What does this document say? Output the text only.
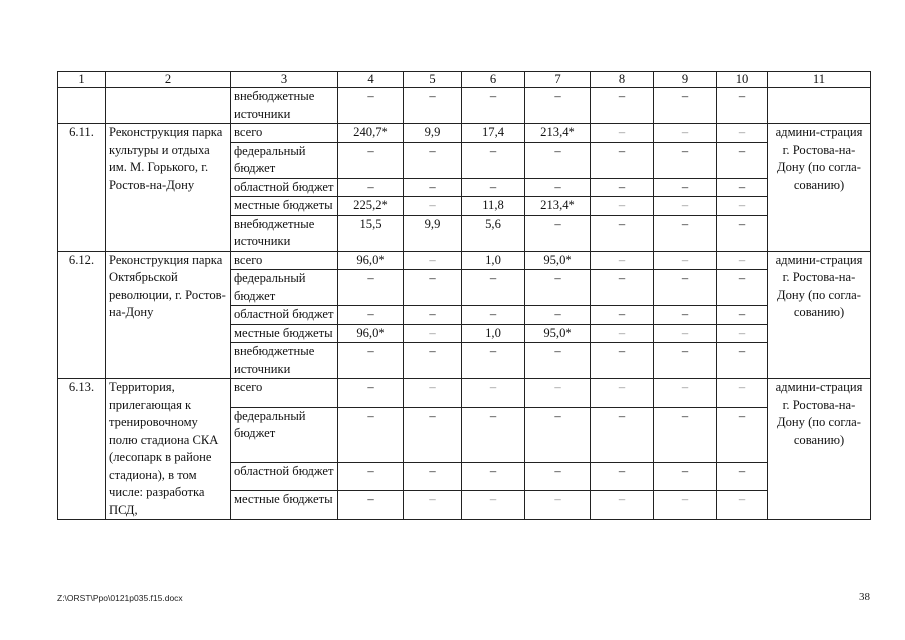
1	2	3	4	5	6	7	8	9	10	11
		внебюджетные источники	–	–	–	–	–	–	–	
6.11.	Реконструкция парка культуры и отдыха им. М. Горького, г. Ростов-на-Дону	всего	240,7*	9,9	17,4	213,4*	–	–	–	админи-страция г. Ростова-на-Дону (по согла-сованию)
		федеральный бюджет	–	–	–	–	–	–	–	
		областной бюджет	–	–	–	–	–	–	–	
		местные бюджеты	225,2*	–	11,8	213,4*	–	–	–	
		внебюджетные источники	15,5	9,9	5,6	–	–	–	–	
6.12.	Реконструкция парка Октябрьской революции, г. Ростов-на-Дону	всего	96,0*	–	1,0	95,0*	–	–	–	админи-страция г. Ростова-на-Дону (по согла-сованию)
		федеральный бюджет	–	–	–	–	–	–	–	
		областной бюджет	–	–	–	–	–	–	–	
		местные бюджеты	96,0*	–	1,0	95,0*	–	–	–	
		внебюджетные источники	–	–	–	–	–	–	–	
6.13.	Территория, прилегающая к тренировочному полю стадиона СКА (лесопарк в районе стадиона), в том числе: разработка ПСД,	всего	–	–	–	–	–	–	–	админи-страция г. Ростова-на-Дону (по согла-сованию)
		федеральный бюджет	–	–	–	–	–	–	–	
		областной бюджет	–	–	–	–	–	–	–	
		местные бюджеты	–	–	–	–	–	–	–	
Z:\ORST\Ppo\0121p035.f15.docx	38
